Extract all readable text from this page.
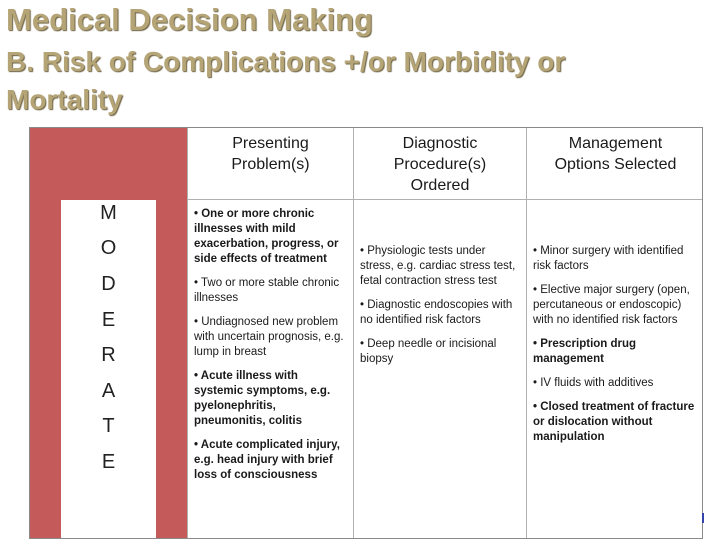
Medical Decision Making
B. Risk of Complications +/or Morbidity or
Mortality
M
O
D
E
R
A
T
E
Presenting
Problem(s)
Diagnostic
Procedure(s)
Ordered
Management
Options Selected

• One or more chronic illnesses with mild exacerbation, progress, or side effects of treatment

• Two or more stable chronic illnesses

• Undiagnosed new problem with uncertain prognosis, e.g. lump in breast

• Acute illness with systemic symptoms, e.g. pyelonephritis, pneumonitis, colitis

• Acute complicated injury, e.g. head injury with brief loss of consciousness

• Physiologic tests under stress, e.g. cardiac stress test, fetal contraction stress test

• Diagnostic endoscopies with no identified risk factors

• Deep needle or incisional biopsy

• Minor surgery with identified risk factors

• Elective major surgery (open, percutaneous or endoscopic) with no identified risk factors

• Prescription drug management

• IV fluids with additives

• Closed treatment of fracture or dislocation without manipulation
